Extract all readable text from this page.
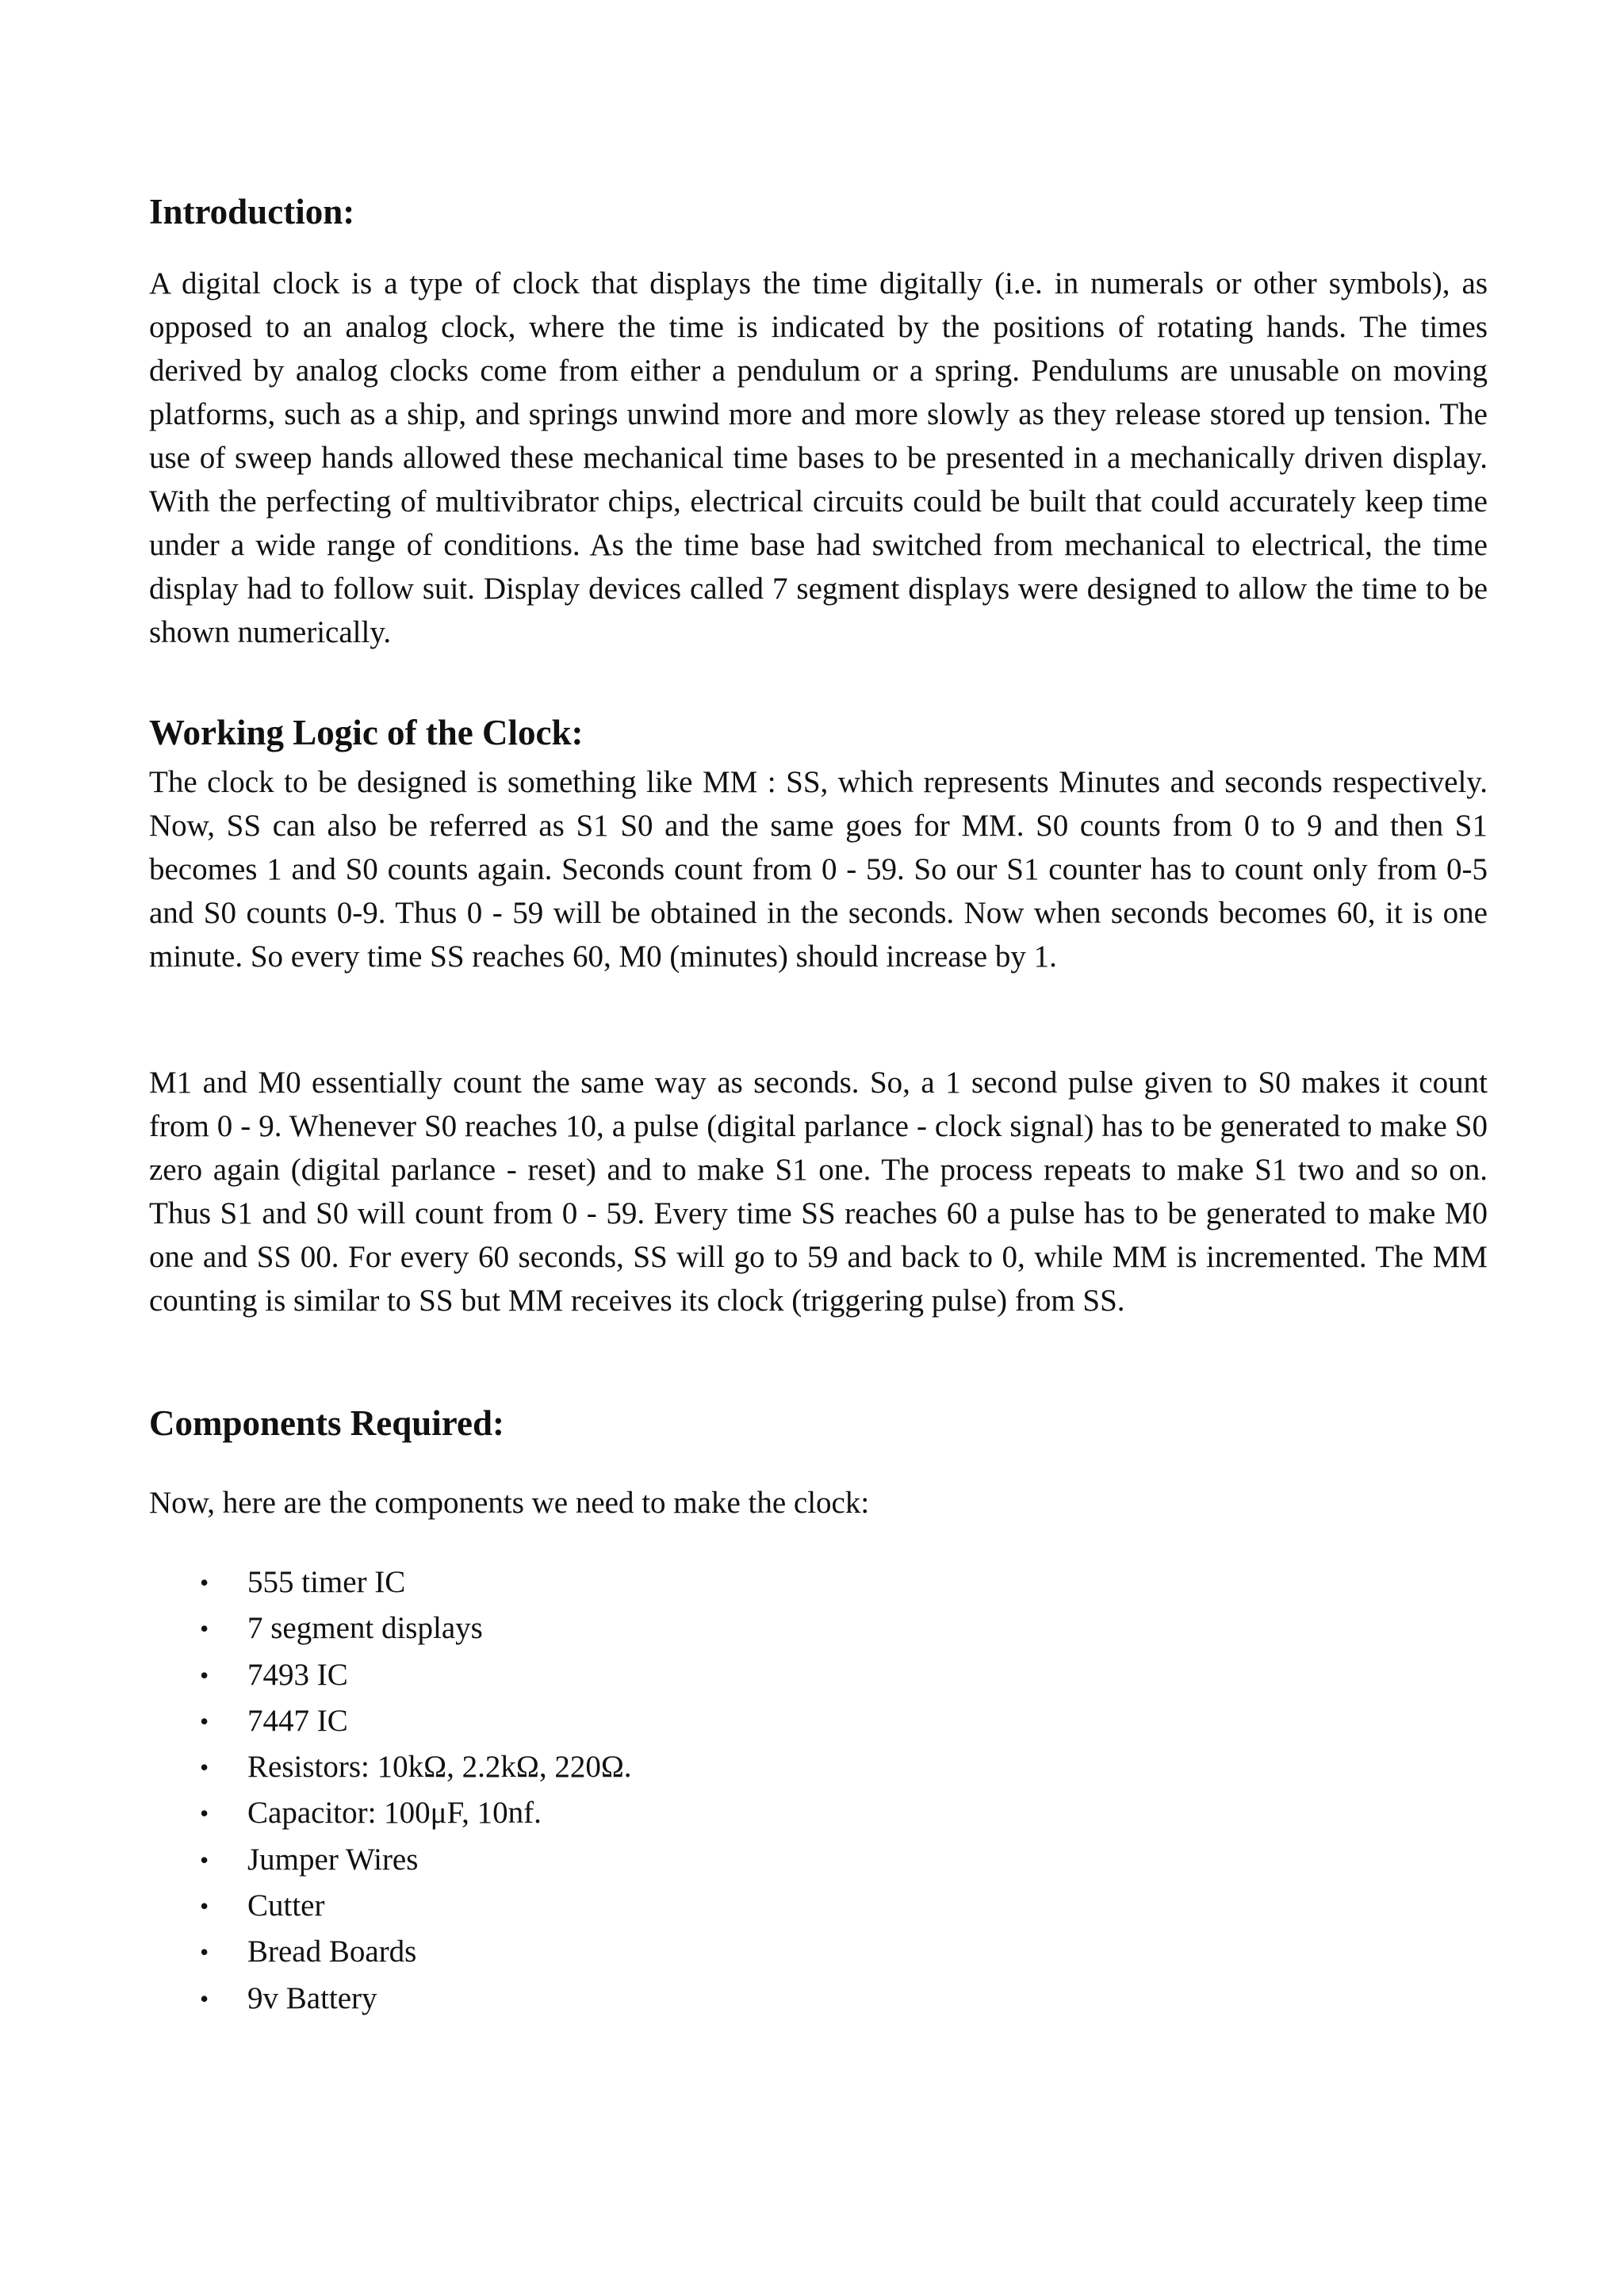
Introduction:

A digital clock is a type of clock that displays the time digitally (i.e. in numerals or other symbols), as opposed to an analog clock, where the time is indicated by the positions of rotating hands. The times derived by analog clocks come from either a pendulum or a spring. Pendulums are unusable on moving platforms, such as a ship, and springs unwind more and more slowly as they release stored up tension. The use of sweep hands allowed these mechanical time bases to be presented in a mechanically driven display. With the perfecting of multivibrator chips, electrical circuits could be built that could accurately keep time under a wide range of conditions. As the time base had switched from mechanical to electrical, the time display had to follow suit. Display devices called 7 segment displays were designed to allow the time to be shown numerically.

Working Logic of the Clock:

The clock to be designed is something like MM : SS, which represents Minutes and seconds respectively. Now, SS can also be referred as S1 S0 and the same goes for MM. S0 counts from 0 to 9 and then S1 becomes 1 and S0 counts again. Seconds count from 0 - 59. So our S1 counter has to count only from 0-5 and S0 counts 0-9. Thus 0 - 59 will be obtained in the seconds. Now when seconds becomes 60, it is one minute. So every time SS reaches 60, M0 (minutes) should increase by 1.

M1 and M0 essentially count the same way as seconds. So, a 1 second pulse given to S0 makes it count from 0 - 9. Whenever S0 reaches 10, a pulse (digital parlance - clock signal) has to be generated to make S0 zero again (digital parlance - reset) and to make S1 one. The process repeats to make S1 two and so on. Thus S1 and S0 will count from 0 - 59. Every time SS reaches 60 a pulse has to be generated to make M0 one and SS 00. For every 60 seconds, SS will go to 59 and back to 0, while MM is incremented. The MM counting is similar to SS but MM receives its clock (triggering pulse) from SS.

Components Required:

Now, here are the components we need to make the clock:

• 555 timer IC
• 7 segment displays
• 7493 IC
• 7447 IC
• Resistors: 10kΩ, 2.2kΩ, 220Ω.
• Capacitor: 100μF, 10nf.
• Jumper Wires
• Cutter
• Bread Boards
• 9v Battery
